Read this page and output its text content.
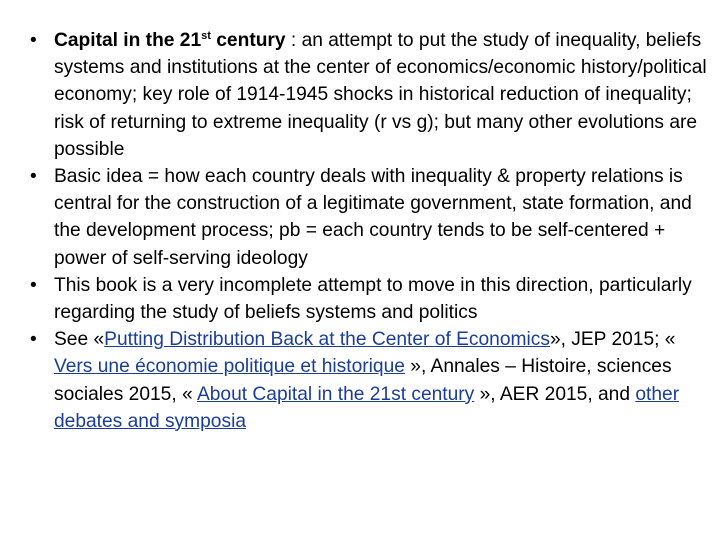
• Capital in the 21st century : an attempt to put the study of inequality, beliefs systems and institutions at the center of economics/economic history/political economy; key role of 1914-1945 shocks in historical reduction of inequality; risk of returning to extreme inequality (r vs g); but many other evolutions are possible
• Basic idea = how each country deals with inequality & property relations is central for the construction of a legitimate government, state formation, and the development process; pb = each country tends to be self-centered + power of self-serving ideology
• This book is a very incomplete attempt to move in this direction, particularly regarding the study of beliefs systems and politics
• See «Putting Distribution Back at the Center of Economics», JEP 2015; « Vers une économie politique et historique », Annales – Histoire, sciences sociales 2015, « About Capital in the 21st century », AER 2015, and other debates and symposia
